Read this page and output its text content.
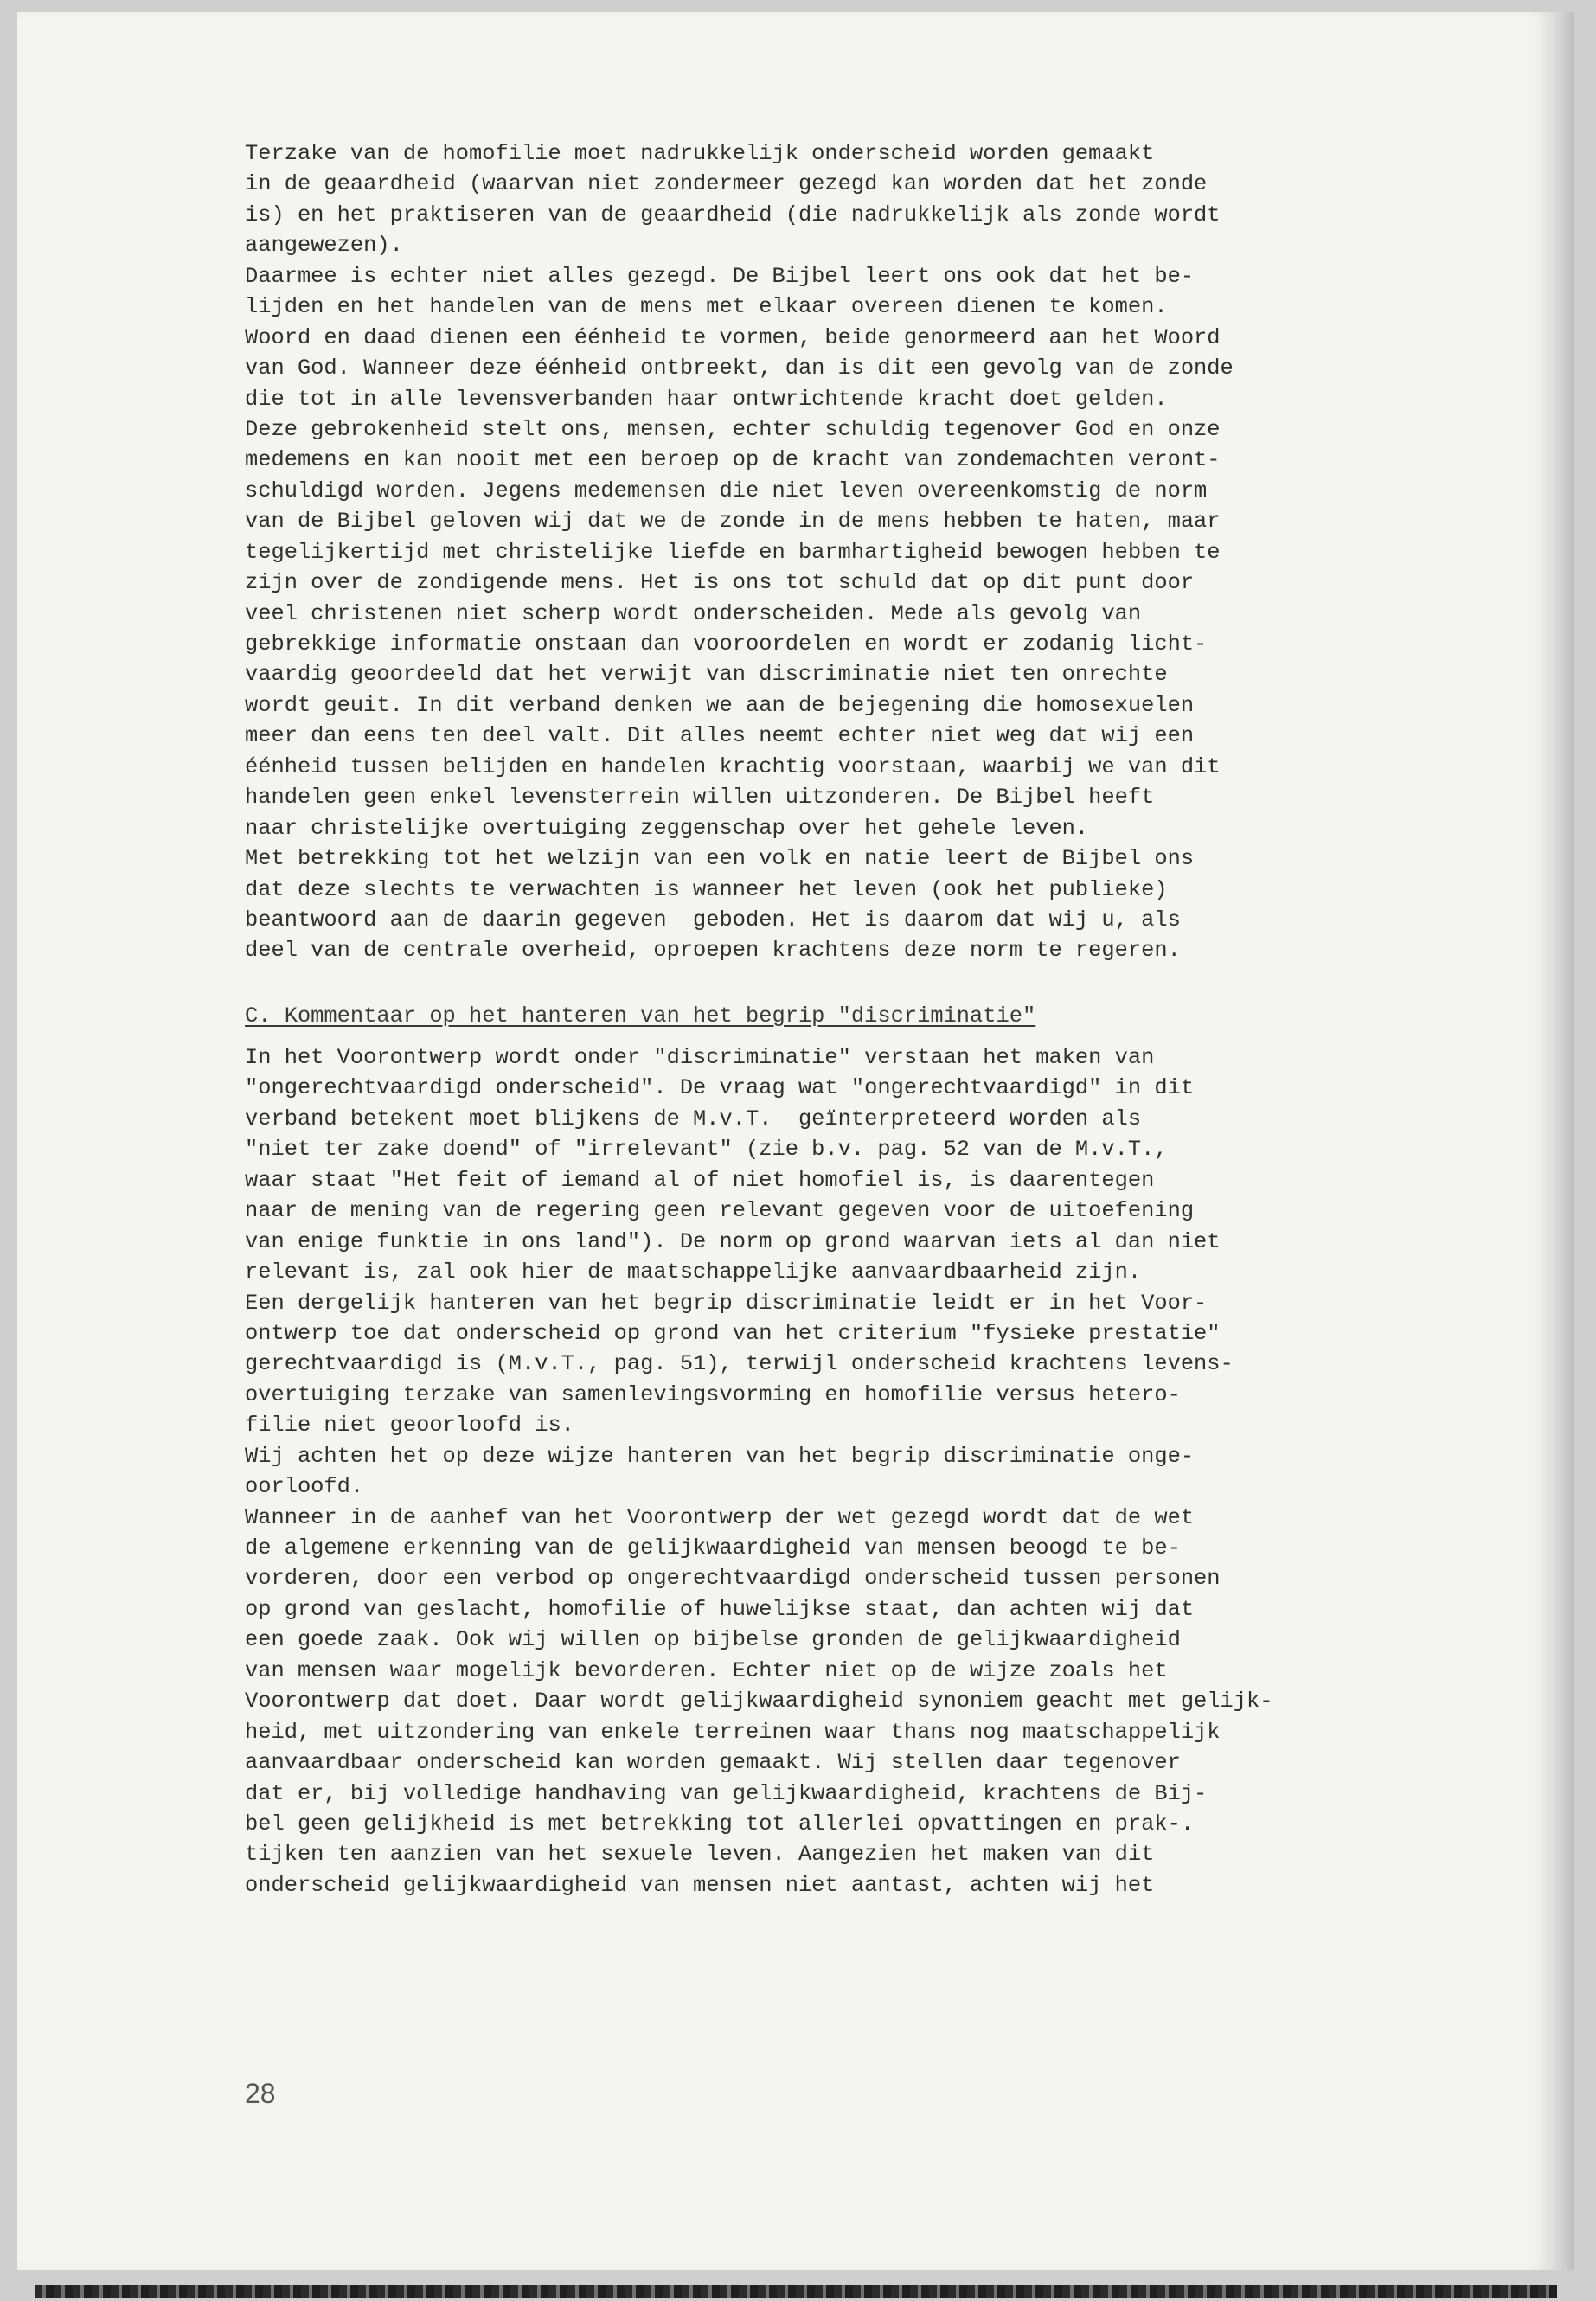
Terzake van de homofilie moet nadrukkelijk onderscheid worden gemaakt
in de geaardheid (waarvan niet zondermeer gezegd kan worden dat het zonde
is) en het praktiseren van de geaardheid (die nadrukkelijk als zonde wordt
aangewezen).
Daarmee is echter niet alles gezegd. De Bijbel leert ons ook dat het be-
lijden en het handelen van de mens met elkaar overeen dienen te komen.
Woord en daad dienen een éénheid te vormen, beide genormeerd aan het Woord
van God. Wanneer deze éénheid ontbreekt, dan is dit een gevolg van de zonde
die tot in alle levensverbanden haar ontwrichtende kracht doet gelden.
Deze gebrokenheid stelt ons, mensen, echter schuldig tegenover God en onze
medemens en kan nooit met een beroep op de kracht van zondemachten veront-
schuldigd worden. Jegens medemensen die niet leven overeenkomstig de norm
van de Bijbel geloven wij dat we de zonde in de mens hebben te haten, maar
tegelijkertijd met christelijke liefde en barmhartigheid bewogen hebben te
zijn over de zondigende mens. Het is ons tot schuld dat op dit punt door
veel christenen niet scherp wordt onderscheiden. Mede als gevolg van
gebrekkige informatie onstaan dan vooroordelen en wordt er zodanig licht-
vaardig geoordeeld dat het verwijt van discriminatie niet ten onrechte
wordt geuit. In dit verband denken we aan de bejegening die homosexuelen
meer dan eens ten deel valt. Dit alles neemt echter niet weg dat wij een
éénheid tussen belijden en handelen krachtig voorstaan, waarbij we van dit
handelen geen enkel levensterrein willen uitzonderen. De Bijbel heeft
naar christelijke overtuiging zeggenschap over het gehele leven.
Met betrekking tot het welzijn van een volk en natie leert de Bijbel ons
dat deze slechts te verwachten is wanneer het leven (ook het publieke)
beantwoord aan de daarin gegeven  geboden. Het is daarom dat wij u, als
deel van de centrale overheid, oproepen krachtens deze norm te regeren.
C. Kommentaar op het hanteren van het begrip "discriminatie"
In het Voorontwerp wordt onder "discriminatie" verstaan het maken van
"ongerechtvaardigd onderscheid". De vraag wat "ongerechtvaardigd" in dit
verband betekent moet blijkens de M.v.T.  geïnterpreteerd worden als
"niet ter zake doend" of "irrelevant" (zie b.v. pag. 52 van de M.v.T.,
waar staat "Het feit of iemand al of niet homofiel is, is daarentegen
naar de mening van de regering geen relevant gegeven voor de uitoefening
van enige funktie in ons land"). De norm op grond waarvan iets al dan niet
relevant is, zal ook hier de maatschappelijke aanvaardbaarheid zijn.
Een dergelijk hanteren van het begrip discriminatie leidt er in het Voor-
ontwerp toe dat onderscheid op grond van het criterium "fysieke prestatie"
gerechtvaardigd is (M.v.T., pag. 51), terwijl onderscheid krachtens levens-
overtuiging terzake van samenlevingsvorming en homofilie versus hetero-
filie niet geoorloofd is.
Wij achten het op deze wijze hanteren van het begrip discriminatie onge-
oorloofd.
Wanneer in de aanhef van het Voorontwerp der wet gezegd wordt dat de wet
de algemene erkenning van de gelijkwaardigheid van mensen beoogd te be-
vorderen, door een verbod op ongerechtvaardigd onderscheid tussen personen
op grond van geslacht, homofilie of huwelijkse staat, dan achten wij dat
een goede zaak. Ook wij willen op bijbelse gronden de gelijkwaardigheid
van mensen waar mogelijk bevorderen. Echter niet op de wijze zoals het
Voorontwerp dat doet. Daar wordt gelijkwaardigheid synoniem geacht met gelijk-
heid, met uitzondering van enkele terreinen waar thans nog maatschappelijk
aanvaardbaar onderscheid kan worden gemaakt. Wij stellen daar tegenover
dat er, bij volledige handhaving van gelijkwaardigheid, krachtens de Bij-
bel geen gelijkheid is met betrekking tot allerlei opvattingen en prak-.
tijken ten aanzien van het sexuele leven. Aangezien het maken van dit
onderscheid gelijkwaardigheid van mensen niet aantast, achten wij het
28
